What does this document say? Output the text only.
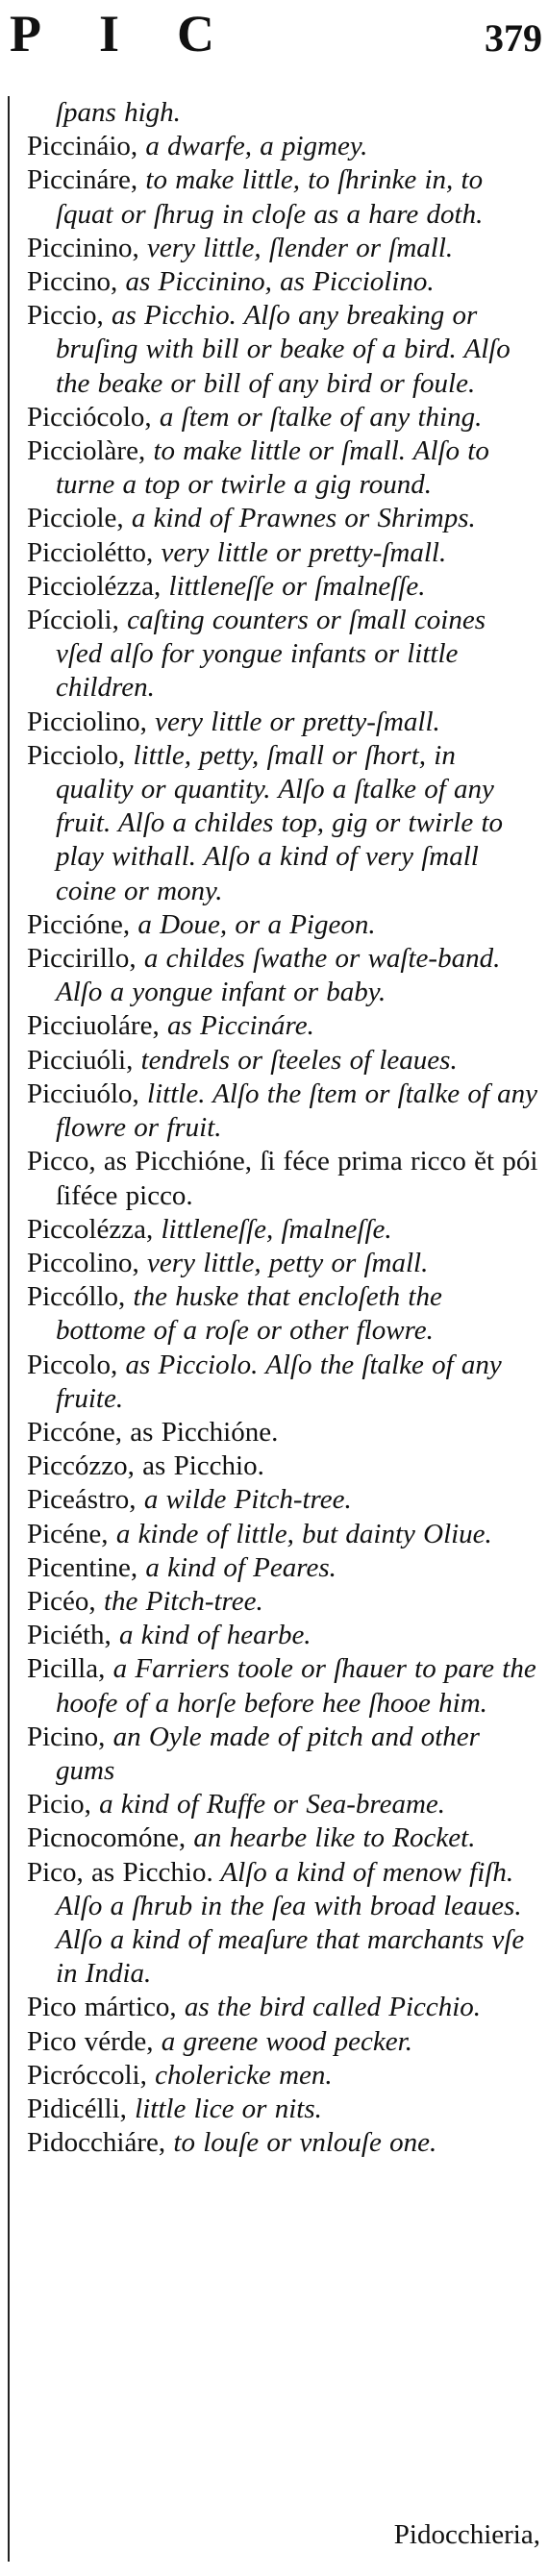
PIC	379
ſpans high.
Piccináio, a dwarfe, a pigmey.
Piccináre, to make little, to ſhrinke in, to ſquat or ſhrug in cloſe as a hare doth.
Piccinino, very little, ſlender or ſmall.
Piccino, as Piccinino, as Picciolino.
Piccio, as Picchio. Alſo any breaking or bruſing with bill or beake of a bird. Alſo the beake or bill of any bird or foule.
Picciócolo, a ſtem or ſtalke of any thing.
Picciolàre, to make little or ſmall. Alſo to turne a top or twirle a gig round.
Picciole, a kind of Prawnes or Shrimps.
Picciolétto, very little or pretty-ſmall.
Picciolézza, littleneſſe or ſmalneſſe.
Píccioli, caſting counters or ſmall coines vſed alſo for yongue infants or little children.
Picciolino, very little or pretty-ſmall.
Picciolo, little, petty, ſmall or ſhort, in quality or quantity. Alſo a ſtalke of any fruit. Alſo a childes top, gig or twirle to play withall. Alſo a kind of very ſmall coine or mony.
Piccióne, a Doue, or a Pigeon.
Piccirillo, a childes ſwathe or waſte-band. Alſo a yongue infant or baby.
Picciuoláre, as Piccináre.
Picciuóli, tendrels or ſteeles of leaues.
Picciuólo, little. Alſo the ſtem or ſtalke of any flowre or fruit.
Picco, as Picchióne, ſi féce prima ricco ĕt pói ſiféce picco.
Piccolézza, littleneſſe, ſmalneſſe.
Piccolino, very little, petty or ſmall.
Piccóllo, the huske that encloſeth the bottome of a roſe or other flowre.
Piccolo, as Picciolo. Alſo the ſtalke of any fruite.
Piccóne, as Picchióne.
Piccózzo, as Picchio.
Piceástro, a wilde Pitch-tree.
Picéne, a kinde of little, but dainty Oliue.
Picentine, a kind of Peares.
Picéo, the Pitch-tree.
Piciéth, a kind of hearbe.
Picilla, a Farriers toole or ſhauer to pare the hoofe of a horſe before hee ſhooe him.
Picino, an Oyle made of pitch and other gums
Picio, a kind of Ruffe or Sea-breame.
Picnocomóne, an hearbe like to Rocket.
Pico, as Picchio. Alſo a kind of menow fiſh. Alſo a ſhrub in the ſea with broad leaues. Alſo a kind of meaſure that marchants vſe in India.
Pico mártico, as the bird called Picchio.
Pico vérde, a greene wood pecker.
Picróccoli, cholericke men.
Pidicélli, little lice or nits.
Pidocchiáre, to louſe or vnlouſe one.
Pidocchieria,
